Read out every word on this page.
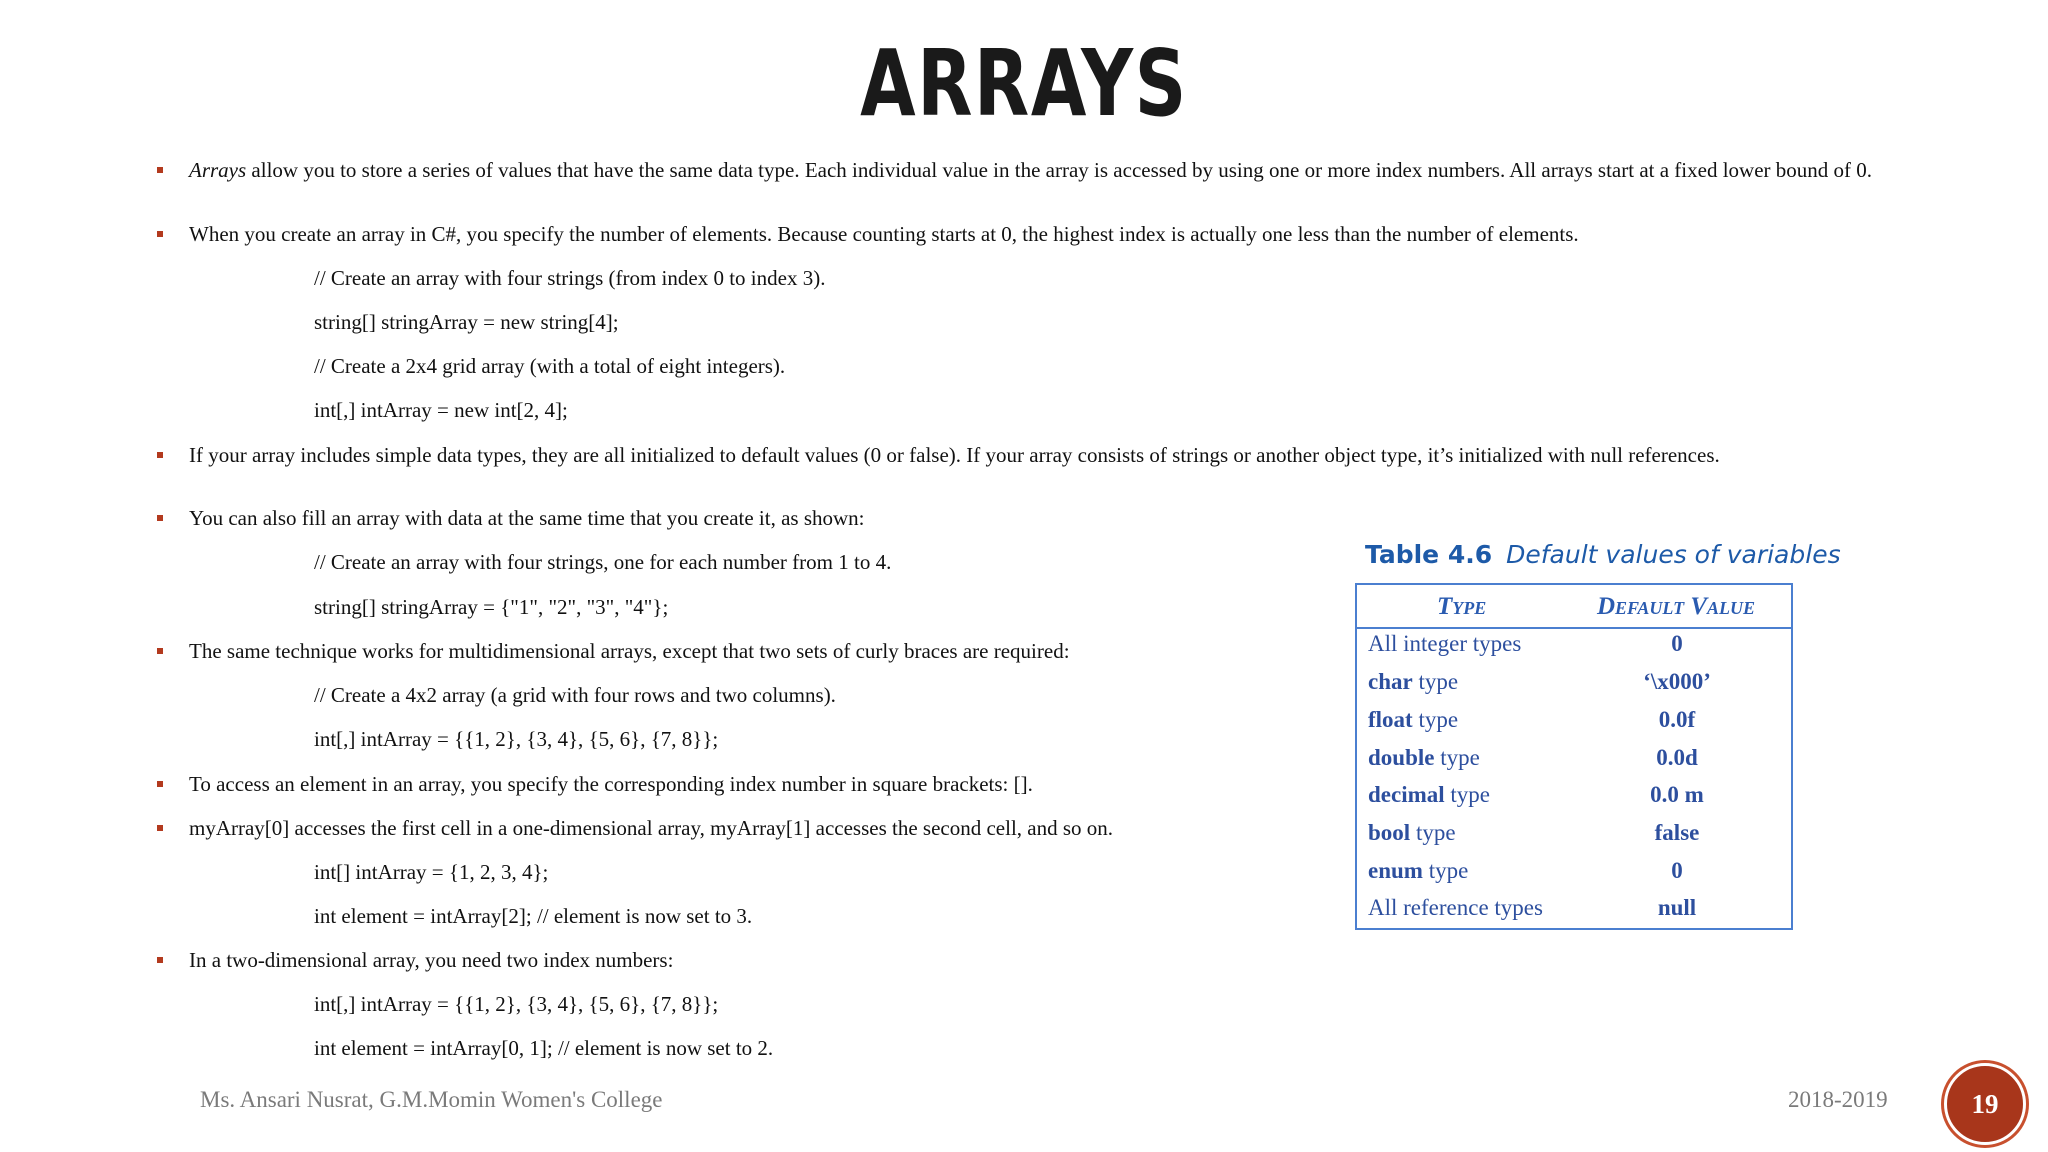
ARRAYS
Arrays allow you to store a series of values that have the same data type. Each individual value in the array is accessed by using one or more index numbers. All arrays start at a fixed lower bound of 0.
When you create an array in C#, you specify the number of elements. Because counting starts at 0, the highest index is actually one less than the number of elements.
// Create an array with four strings (from index 0 to index 3).
string[] stringArray = new string[4];
// Create a 2x4 grid array (with a total of eight integers).
int[,] intArray = new int[2, 4];
If your array includes simple data types, they are all initialized to default values (0 or false). If your array consists of strings or another object type, it’s initialized with null references.
You can also fill an array with data at the same time that you create it, as shown:
// Create an array with four strings, one for each number from 1 to 4.
string[] stringArray = {"1", "2", "3", "4"};
The same technique works for multidimensional arrays, except that two sets of curly braces are required:
// Create a 4x2 array (a grid with four rows and two columns).
int[,] intArray = {{1, 2}, {3, 4}, {5, 6}, {7, 8}};
To access an element in an array, you specify the corresponding index number in square brackets: [].
myArray[0] accesses the first cell in a one-dimensional array, myArray[1] accesses the second cell, and so on.
int[] intArray = {1, 2, 3, 4};
int element = intArray[2]; // element is now set to 3.
In a two-dimensional array, you need two index numbers:
int[,] intArray = {{1, 2}, {3, 4}, {5, 6}, {7, 8}};
int element = intArray[0, 1]; // element is now set to 2.
Table 4.6 Default values of variables
Type	Default Value
All integer types	0
char type	‘\x000’
float type	0.0f
double type	0.0d
decimal type	0.0 m
bool type	false
enum type	0
All reference types	null
Ms. Ansari Nusrat, G.M.Momin Women's College	2018-2019	19
